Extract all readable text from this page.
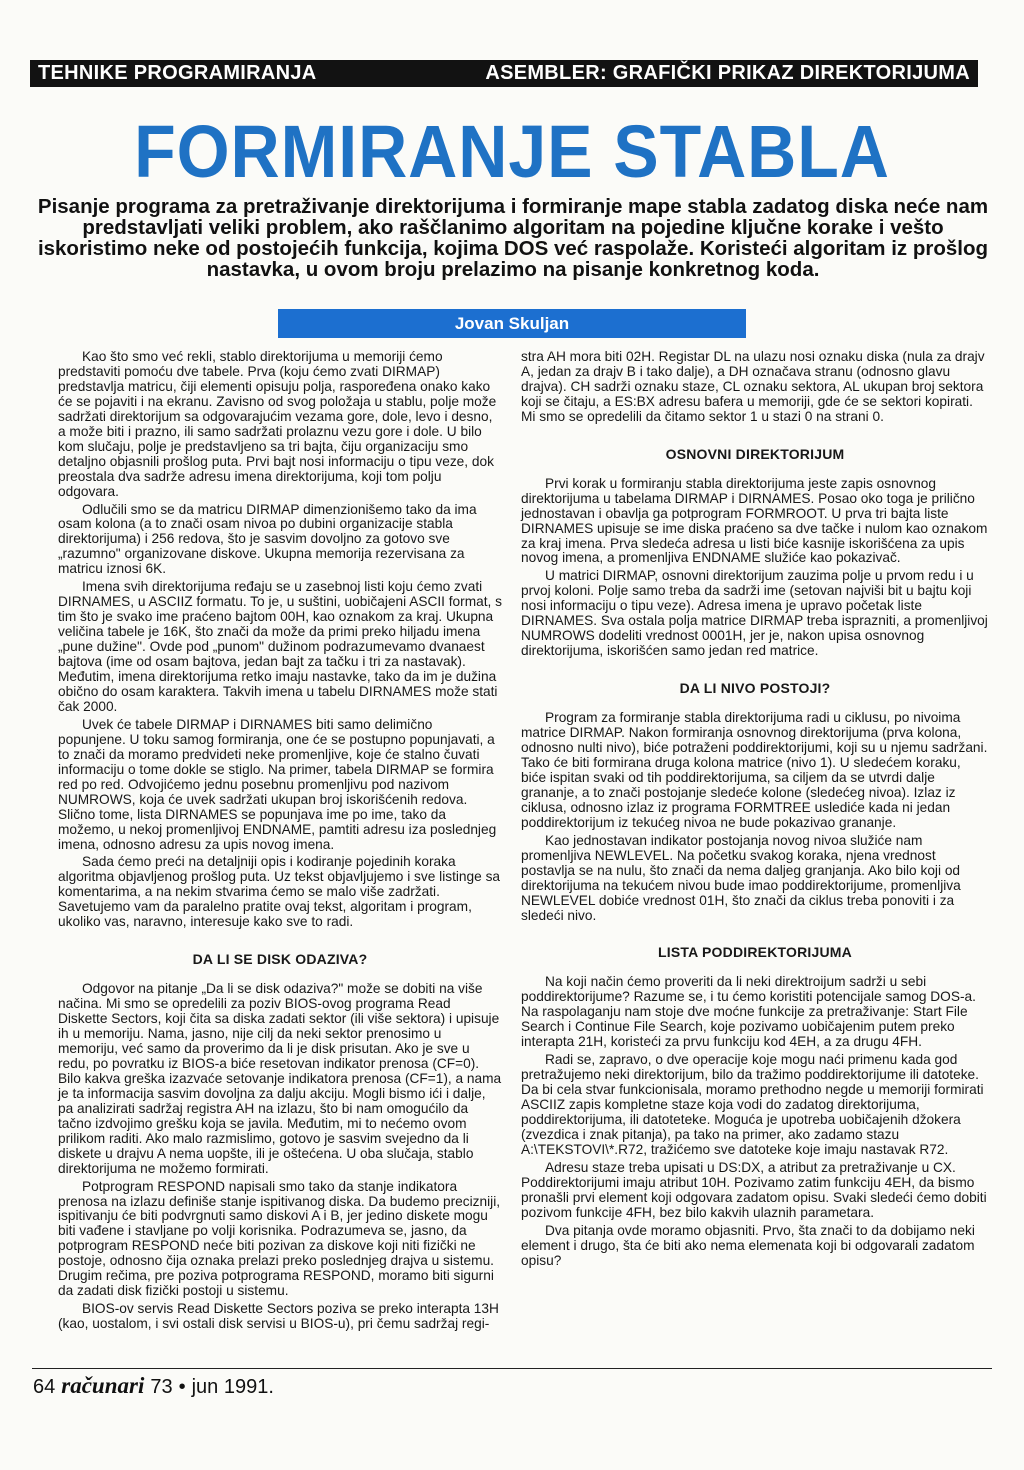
TEHNIKE PROGRAMIRANJA	ASEMBLER: GRAFIČKI PRIKAZ DIREKTORIJUMA
FORMIRANJE STABLA

Pisanje programa za pretraživanje direktorijuma i formiranje mape stabla zadatog diska neće nam predstavljati veliki problem, ako raščlanimo algoritam na pojedine ključne korake i vešto iskoristimo neke od postojećih funkcija, kojima DOS već raspolaže. Koristeći algoritam iz prošlog nastavka, u ovom broju prelazimo na pisanje konkretnog koda.

Jovan Skuljan

Kao što smo već rekli, stablo direktorijuma u memoriji ćemo predstaviti pomoću dve tabele. Prva (koju ćemo zvati DIRMAP) predstavlja matricu, čiji elementi opisuju polja, raspoređena onako kako će se pojaviti i na ekranu. Zavisno od svog položaja u stablu, polje može sadržati direktorijum sa odgovarajućim vezama gore, dole, levo i desno, a može biti i prazno, ili samo sadržati prolaznu vezu gore i dole. U bilo kom slučaju, polje je predstavljeno sa tri bajta, čiju organizaciju smo detaljno objasnili prošlog puta. Prvi bajt nosi informaciju o tipu veze, dok preostala dva sadrže adresu imena direktorijuma, koji tom polju odgovara.

Odlučili smo se da matricu DIRMAP dimenzionišemo tako da ima osam kolona (a to znači osam nivoa po dubini organizacije stabla direktorijuma) i 256 redova, što je sasvim dovoljno za gotovo sve „razumno" organizovane diskove. Ukupna memorija rezervisana za matricu iznosi 6K.

Imena svih direktorijuma ređaju se u zasebnoj listi koju ćemo zvati DIRNAMES, u ASCIIZ formatu. To je, u suštini, uobičajeni ASCII format, s tim što je svako ime praćeno bajtom 00H, kao oznakom za kraj. Ukupna veličina tabele je 16K, što znači da može da primi preko hiljadu imena „pune dužine". Ovde pod „punom" dužinom podrazumevamo dvanaest bajtova (ime od osam bajtova, jedan bajt za tačku i tri za nastavak). Međutim, imena direktorijuma retko imaju nastavke, tako da im je dužina obično do osam karaktera. Takvih imena u tabelu DIRNAMES može stati čak 2000.

Uvek će tabele DIRMAP i DIRNAMES biti samo delimično popunjene. U toku samog formiranja, one će se postupno popunjavati, a to znači da moramo predvideti neke promenljive, koje će stalno čuvati informaciju o tome dokle se stiglo. Na primer, tabela DIRMAP se formira red po red. Odvojićemo jednu posebnu promenljivu pod nazivom NUMROWS, koja će uvek sadržati ukupan broj iskorišćenih redova. Slično tome, lista DIRNAMES se popunjava ime po ime, tako da možemo, u nekoj promenljivoj ENDNAME, pamtiti adresu iza poslednjeg imena, odnosno adresu za upis novog imena.

Sada ćemo preći na detaljniji opis i kodiranje pojedinih koraka algoritma objavljenog prošlog puta. Uz tekst objavljujemo i sve listinge sa komentarima, a na nekim stvarima ćemo se malo više zadržati. Savetujemo vam da paralelno pratite ovaj tekst, algoritam i program, ukoliko vas, naravno, interesuje kako sve to radi.

DA LI SE DISK ODAZIVA?

Odgovor na pitanje „Da li se disk odaziva?" može se dobiti na više načina. Mi smo se opredelili za poziv BIOS-ovog programa Read Diskette Sectors, koji čita sa diska zadati sektor (ili više sektora) i upisuje ih u memoriju. Nama, jasno, nije cilj da neki sektor prenosimo u memoriju, već samo da proverimo da li je disk prisutan. Ako je sve u redu, po povratku iz BIOS-a biće resetovan indikator prenosa (CF=0). Bilo kakva greška izazvaće setovanje indikatora prenosa (CF=1), a nama je ta informacija sasvim dovoljna za dalju akciju. Mogli bismo ići i dalje, pa analizirati sadržaj registra AH na izlazu, što bi nam omogućilo da tačno izdvojimo grešku koja se javila. Međutim, mi to nećemo ovom prilikom raditi. Ako malo razmislimo, gotovo je sasvim svejedno da li diskete u drajvu A nema uopšte, ili je oštećena. U oba slučaja, stablo direktorijuma ne možemo formirati.

Potprogram RESPOND napisali smo tako da stanje indikatora prenosa na izlazu definiše stanje ispitivanog diska. Da budemo precizniji, ispitivanju će biti podvrgnuti samo diskovi A i B, jer jedino diskete mogu biti vađene i stavljane po volji korisnika. Podrazumeva se, jasno, da potprogram RESPOND neće biti pozivan za diskove koji niti fizički ne postoje, odnosno čija oznaka prelazi preko poslednjeg drajva u sistemu. Drugim rečima, pre poziva potprograma RESPOND, moramo biti sigurni da zadati disk fizički postoji u sistemu.

BIOS-ov servis Read Diskette Sectors poziva se preko interapta 13H (kao, uostalom, i svi ostali disk servisi u BIOS-u), pri čemu sadržaj regi-

stra AH mora biti 02H. Registar DL na ulazu nosi oznaku diska (nula za drajv A, jedan za drajv B i tako dalje), a DH označava stranu (odnosno glavu drajva). CH sadrži oznaku staze, CL oznaku sektora, AL ukupan broj sektora koji se čitaju, a ES:BX adresu bafera u memoriji, gde će se sektori kopirati. Mi smo se opredelili da čitamo sektor 1 u stazi 0 na strani 0.

OSNOVNI DIREKTORIJUM

Prvi korak u formiranju stabla direktorijuma jeste zapis osnovnog direktorijuma u tabelama DIRMAP i DIRNAMES. Posao oko toga je prilično jednostavan i obavlja ga potprogram FORMROOT. U prva tri bajta liste DIRNAMES upisuje se ime diska praćeno sa dve tačke i nulom kao oznakom za kraj imena. Prva sledeća adresa u listi biće kasnije iskorišćena za upis novog imena, a promenljiva ENDNAME služiće kao pokazivač.

U matrici DIRMAP, osnovni direktorijum zauzima polje u prvom redu i u prvoj koloni. Polje samo treba da sadrži ime (setovan najviši bit u bajtu koji nosi informaciju o tipu veze). Adresa imena je upravo početak liste DIRNAMES. Sva ostala polja matrice DIRMAP treba isprazniti, a promenljivoj NUMROWS dodeliti vrednost 0001H, jer je, nakon upisa osnovnog direktorijuma, iskorišćen samo jedan red matrice.

DA LI NIVO POSTOJI?

Program za formiranje stabla direktorijuma radi u ciklusu, po nivoima matrice DIRMAP. Nakon formiranja osnovnog direktorijuma (prva kolona, odnosno nulti nivo), biće potraženi poddirektorijumi, koji su u njemu sadržani. Tako će biti formirana druga kolona matrice (nivo 1). U sledećem koraku, biće ispitan svaki od tih poddirektorijuma, sa ciljem da se utvrdi dalje grananje, a to znači postojanje sledeće kolone (sledećeg nivoa). Izlaz iz ciklusa, odnosno izlaz iz programa FORMTREE uslediće kada ni jedan poddirektorijum iz tekućeg nivoa ne bude pokazivao grananje.

Kao jednostavan indikator postojanja novog nivoa služiće nam promenljiva NEWLEVEL. Na početku svakog koraka, njena vrednost postavlja se na nulu, što znači da nema daljeg granjanja. Ako bilo koji od direktorijuma na tekućem nivou bude imao poddirektorijume, promenljiva NEWLEVEL dobiće vrednost 01H, što znači da ciklus treba ponoviti i za sledeći nivo.

LISTA PODDIREKTORIJUMA

Na koji način ćemo proveriti da li neki direktroijum sadrži u sebi poddirektorijume? Razume se, i tu ćemo koristiti potencijale samog DOS-a. Na raspolaganju nam stoje dve moćne funkcije za pretraživanje: Start File Search i Continue File Search, koje pozivamo uobičajenim putem preko interapta 21H, koristeći za prvu funkciju kod 4EH, a za drugu 4FH.

Radi se, zapravo, o dve operacije koje mogu naći primenu kada god pretražujemo neki direktorijum, bilo da tražimo poddirektorijume ili datoteke. Da bi cela stvar funkcionisala, moramo prethodno negde u memoriji formirati ASCIIZ zapis kompletne staze koja vodi do zadatog direktorijuma, poddirektorijuma, ili datoteteke. Moguća je upotreba uobičajenih džokera (zvezdica i znak pitanja), pa tako na primer, ako zadamo stazu A:\TEKSTOVI\*.R72, tražićemo sve datoteke koje imaju nastavak R72.

Adresu staze treba upisati u DS:DX, a atribut za pretraživanje u CX. Poddirektorijumi imaju atribut 10H. Pozivamo zatim funkciju 4EH, da bismo pronašli prvi element koji odgovara zadatom opisu. Svaki sledeći ćemo dobiti pozivom funkcije 4FH, bez bilo kakvih ulaznih parametara.

Dva pitanja ovde moramo objasniti. Prvo, šta znači to da dobijamo neki element i drugo, šta će biti ako nema elemenata koji bi odgovarali zadatom opisu?

64 računari 73 • jun 1991.
